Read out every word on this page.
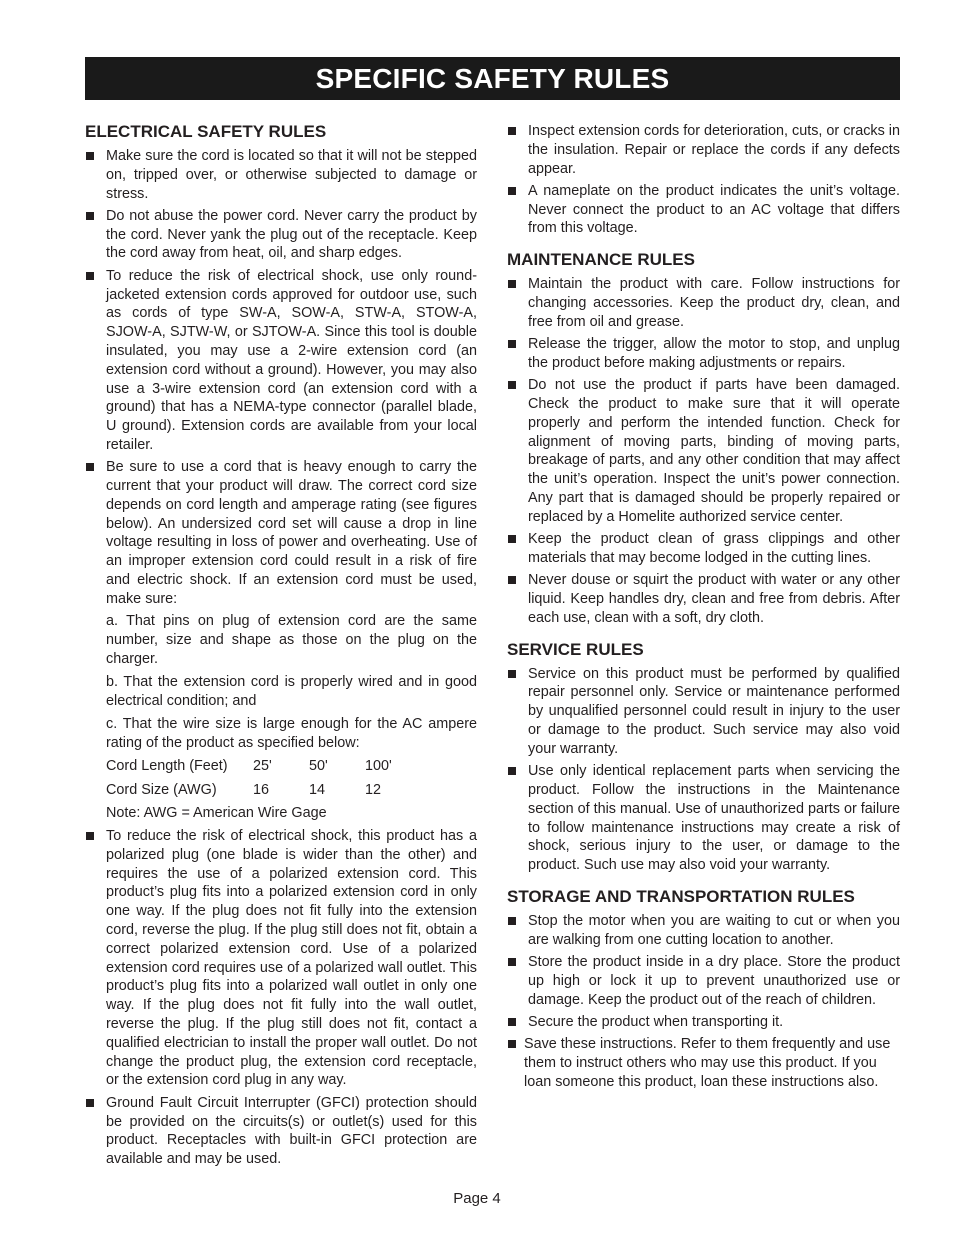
SPECIFIC SAFETY RULES
ELECTRICAL SAFETY RULES
Make sure the cord is located so that it will not be stepped on, tripped over, or otherwise subjected to damage or stress.
Do not abuse the power cord. Never carry the product by the cord. Never yank the plug out of the receptacle. Keep the cord away from heat, oil, and sharp edges.
To reduce the risk of electrical shock, use only round-jacketed extension cords approved for outdoor use, such as cords of type SW-A, SOW-A, STW-A, STOW-A, SJOW-A, SJTW-W, or SJTOW-A. Since this tool is double insulated, you may use a 2-wire extension cord (an extension cord without a ground). However, you may also use a 3-wire extension cord (an extension cord with a ground) that has a NEMA-type connector (parallel blade, U ground). Extension cords are available from your local retailer.
Be sure to use a cord that is heavy enough to carry the current that your product will draw. The correct cord size depends on cord length and amperage rating (see figures below). An undersized cord set will cause a drop in line voltage resulting in loss of power and overheating. Use of an improper extension cord could result in a risk of fire and electric shock. If an extension cord must be used, make sure:

a. That pins on plug of extension cord are the same number, size and shape as those on the plug on the charger.

b. That the extension cord is properly wired and in good electrical condition; and

c. That the wire size is large enough for the AC ampere rating of the product as specified below:

Cord Length (Feet)	25'	50'	100'
Cord Size (AWG)	16	14	12

Note: AWG = American Wire Gage

To reduce the risk of electrical shock, this product has a polarized plug (one blade is wider than the other) and requires the use of a polarized extension cord. This product’s plug fits into a polarized extension cord in only one way. If the plug does not fit fully into the extension cord, reverse the plug. If the plug still does not fit, obtain a correct polarized extension cord. Use of a polarized extension cord requires use of a polarized wall outlet. This product’s plug fits into a polarized wall outlet in only one way. If the plug does not fit fully into the wall outlet, reverse the plug. If the plug still does not fit, contact a qualified electrician to install the proper wall outlet. Do not change the product plug, the extension cord receptacle, or the extension cord plug in any way.
Ground Fault Circuit Interrupter (GFCI) protection should be provided on the circuits(s) or outlet(s) used for this product. Receptacles with built-in GFCI protection are available and may be used.
Inspect extension cords for deterioration, cuts, or cracks in the insulation. Repair or replace the cords if any defects appear.
A nameplate on the product indicates the unit’s voltage. Never connect the product to an AC voltage that differs from this voltage.
MAINTENANCE RULES
Maintain the product with care. Follow instructions for changing accessories. Keep the product dry, clean, and free from oil and grease.
Release the trigger, allow the motor to stop, and unplug the product before making adjustments or repairs.
Do not use the product if parts have been damaged. Check the product to make sure that it will operate properly and perform the intended function. Check for alignment of moving parts, binding of moving parts, breakage of parts, and any other condition that may affect the unit’s operation. Inspect the unit’s power connection. Any part that is damaged should be properly repaired or replaced by a Homelite authorized service center.
Keep the product clean of grass clippings and other materials that may become lodged in the cutting lines.
Never douse or squirt the product with water or any other liquid. Keep handles dry, clean and free from debris. After each use, clean with a soft, dry cloth.
SERVICE RULES
Service on this product must be performed by qualified repair personnel only. Service or maintenance performed by unqualified personnel could result in injury to the user or damage to the product. Such service may also void your warranty.
Use only identical replacement parts when servicing the product. Follow the instructions in the Maintenance section of this manual. Use of unauthorized parts or failure to follow maintenance instructions may create a risk of shock, serious injury to the user, or damage to the product. Such use may also void your warranty.
STORAGE AND TRANSPORTATION RULES
Stop the motor when you are waiting to cut or when you are walking from one cutting location to another.
Store the product inside in a dry place. Store the product up high or lock it up to prevent unauthorized use or damage. Keep the product out of the reach of children.
Secure the product when transporting it.
Save these instructions. Refer to them frequently and use them to instruct others who may use this product. If you loan someone this product, loan these instructions also.
Page 4
